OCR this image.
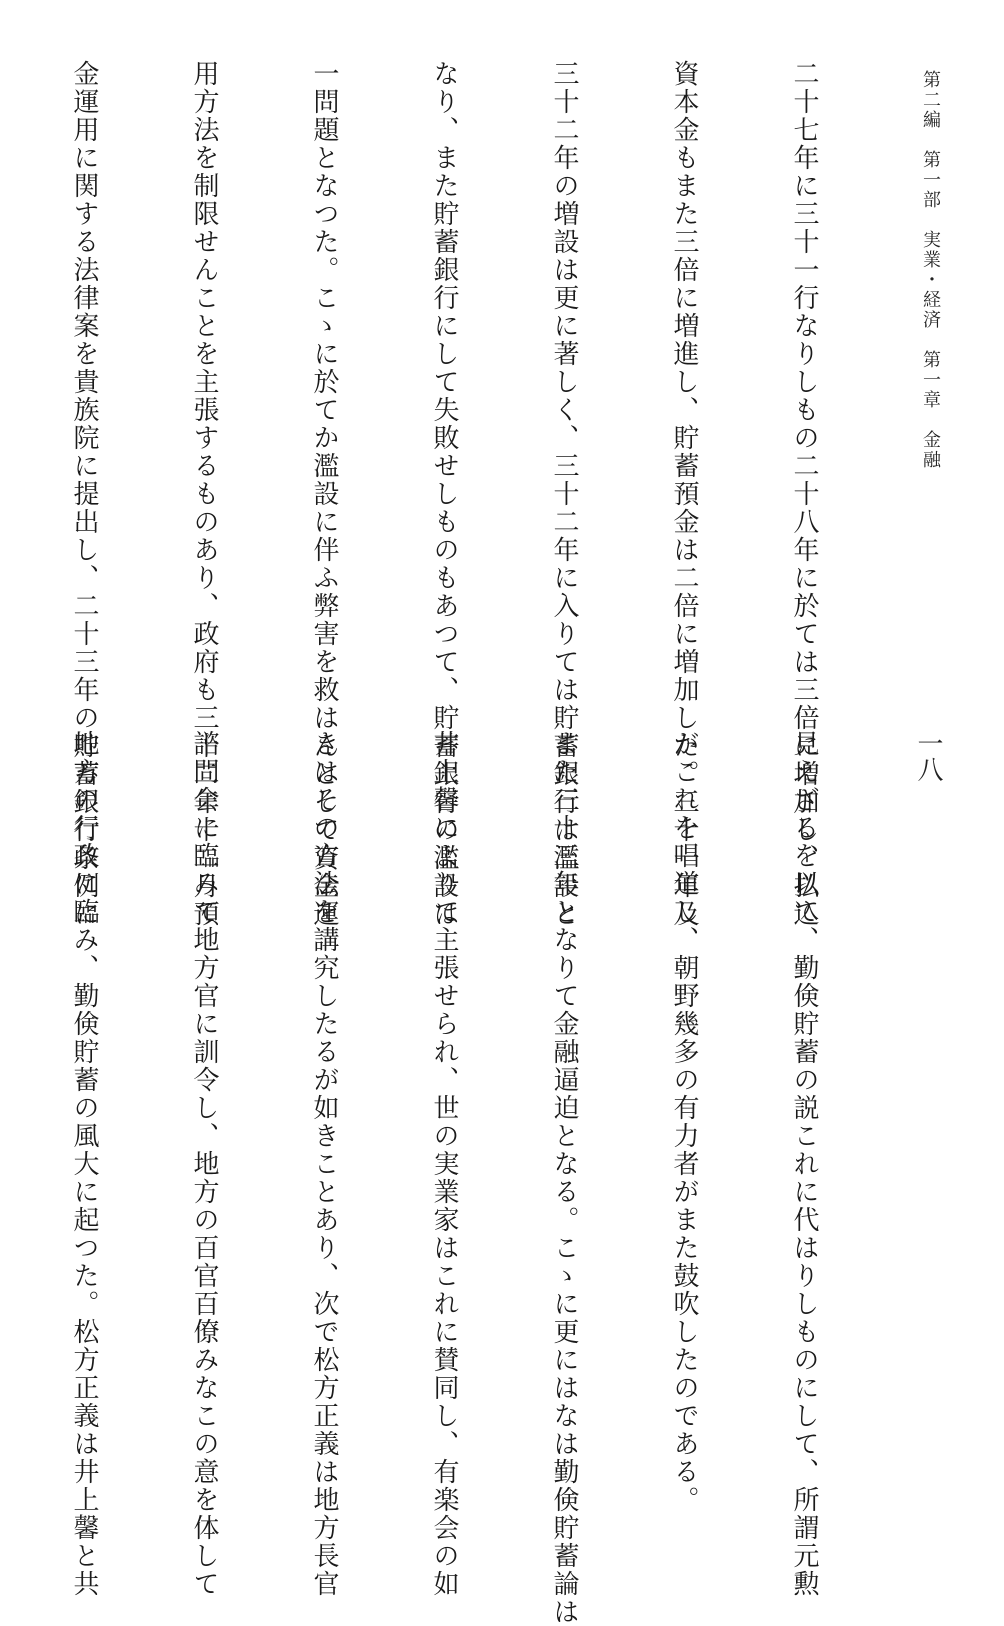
第二編　第一部　実業・経済　第一章　金融
一八

二十七年に三十一行なりしもの二十八年に於ては三倍に増加し、払込

資本金もまた三倍に増進し、貯蓄預金は二倍に増加した。三十一年及

三十二年の増設は更に著しく、三十二年に入りては貯蓄銀行は濫設と

なり、また貯蓄銀行にして失敗せしものもあつて、貯蓄銀行の濫設は

一問題となつた。こゝに於てか濫設に伴ふ弊害を救はんとして資金運

用方法を制限せんことを主張するものあり、政府も三十二年十二月預

金運用に関する法律案を貴族院に提出し、二十三年の貯蓄銀行条例に

見えざるを以て、勤倹貯蓄の説これに代はりしものにして、所謂元勲

がこれを唱道し、朝野幾多の有力者がまた鼓吹したのである。

また三十三年となりて金融逼迫となる。こゝに更にはなは勤倹貯蓄論は

井上馨によりて主張せられ、世の実業家はこれに賛同し、有楽会の如

きはその方法を講究したるが如きことあり、次で松方正義は地方長官

諮問会に臨みて地方官に訓令し、地方の百官百僚みなこの意を体して

地方の行政に臨み、勤倹貯蓄の風大に起つた。松方正義は井上馨と共
